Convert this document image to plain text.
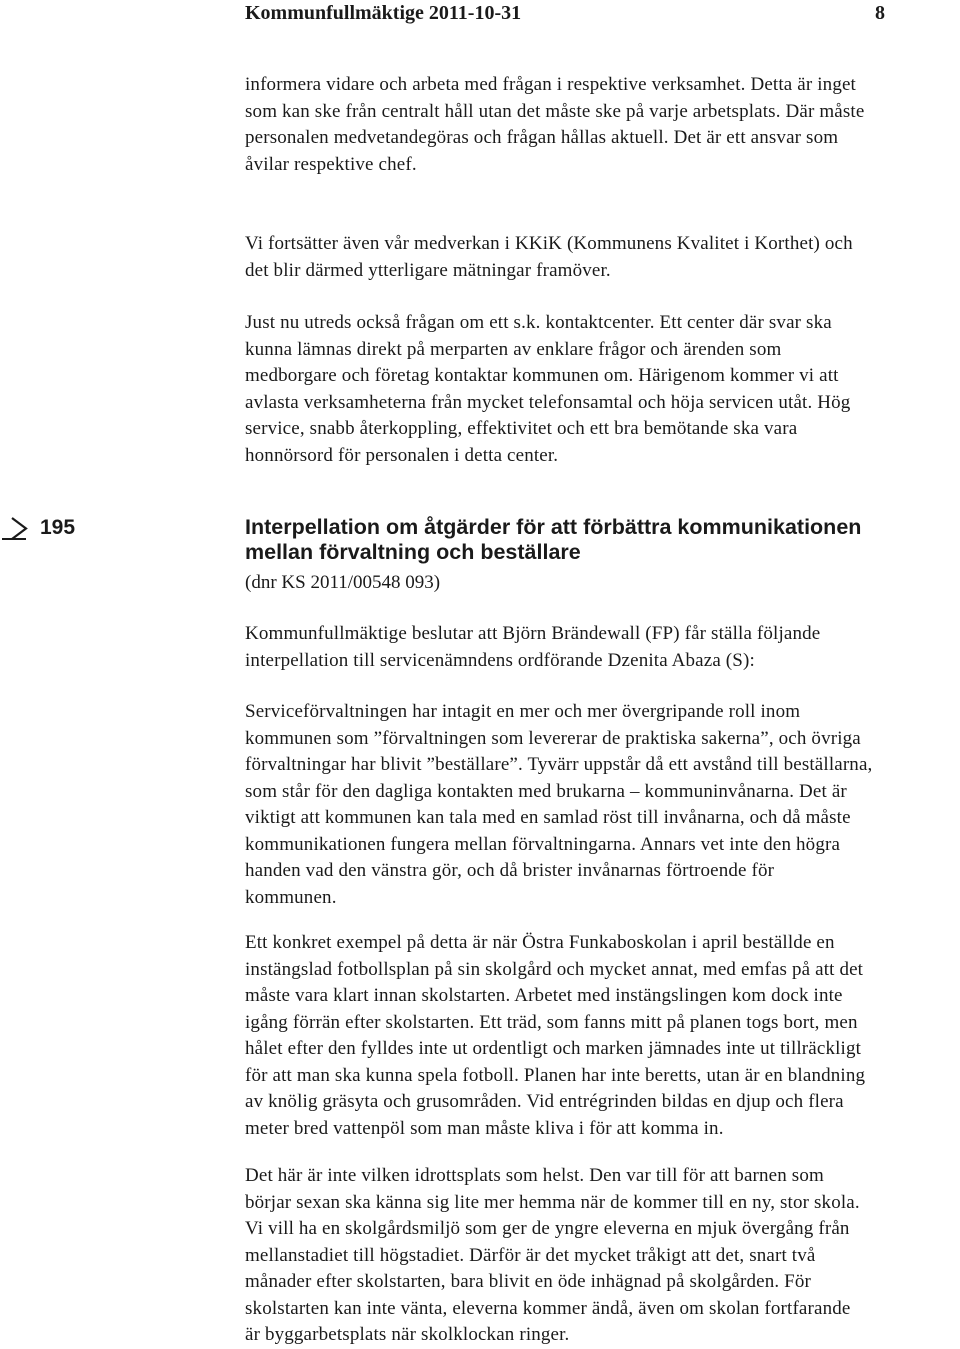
Kommunfullmäktige 2011-10-31	8

informera vidare och arbeta med frågan i respektive verksamhet. Detta är inget

som kan ske från centralt håll utan det måste ske på varje arbetsplats. Där måste

personalen medvetandegöras och frågan hållas aktuell. Det är ett ansvar som

åvilar respektive chef.

Vi fortsätter även vår medverkan i KKiK (Kommunens Kvalitet i Korthet) och

det blir därmed ytterligare mätningar framöver.

Just nu utreds också frågan om ett s.k. kontaktcenter. Ett center där svar ska

kunna lämnas direkt på merparten av enklare frågor och ärenden som

medborgare och företag kontaktar kommunen om. Härigenom kommer vi att

avlasta verksamheterna från mycket telefonsamtal och höja servicen utåt. Hög

service, snabb återkoppling, effektivitet och ett bra bemötande ska vara

honnörsord för personalen i detta center.

195	Interpellation om åtgärder för att förbättra kommunikationen
mellan förvaltning och beställare
(dnr KS 2011/00548 093)

Kommunfullmäktige beslutar att Björn Brändewall (FP) får ställa följande

interpellation till servicenämndens ordförande Dzenita Abaza (S):

Serviceförvaltningen har intagit en mer och mer övergripande roll inom

kommunen som ”förvaltningen som levererar de praktiska sakerna”, och övriga

förvaltningar har blivit ”beställare”. Tyvärr uppstår då ett avstånd till beställarna,

som står för den dagliga kontakten med brukarna – kommuninvånarna. Det är

viktigt att kommunen kan tala med en samlad röst till invånarna, och då måste

kommunikationen fungera mellan förvaltningarna. Annars vet inte den högra

handen vad den vänstra gör, och då brister invånarnas förtroende för

kommunen.

Ett konkret exempel på detta är när Östra Funkaboskolan i april beställde en

instängslad fotbollsplan på sin skolgård och mycket annat, med emfas på att det

måste vara klart innan skolstarten. Arbetet med instängslingen kom dock inte

igång förrän efter skolstarten. Ett träd, som fanns mitt på planen togs bort, men

hålet efter den fylldes inte ut ordentligt och marken jämnades inte ut tillräckligt

för att man ska kunna spela fotboll. Planen har inte beretts, utan är en blandning

av knölig gräsyta och grusområden. Vid entrégrinden bildas en djup och flera

meter bred vattenpöl som man måste kliva i för att komma in.

Det här är inte vilken idrottsplats som helst. Den var till för att barnen som

börjar sexan ska känna sig lite mer hemma när de kommer till en ny, stor skola.

Vi vill ha en skolgårdsmiljö som ger de yngre eleverna en mjuk övergång från

mellanstadiet till högstadiet. Därför är det mycket tråkigt att det, snart två

månader efter skolstarten, bara blivit en öde inhägnad på skolgården. För

skolstarten kan inte vänta, eleverna kommer ändå, även om skolan fortfarande

är byggarbetsplats när skolklockan ringer.
